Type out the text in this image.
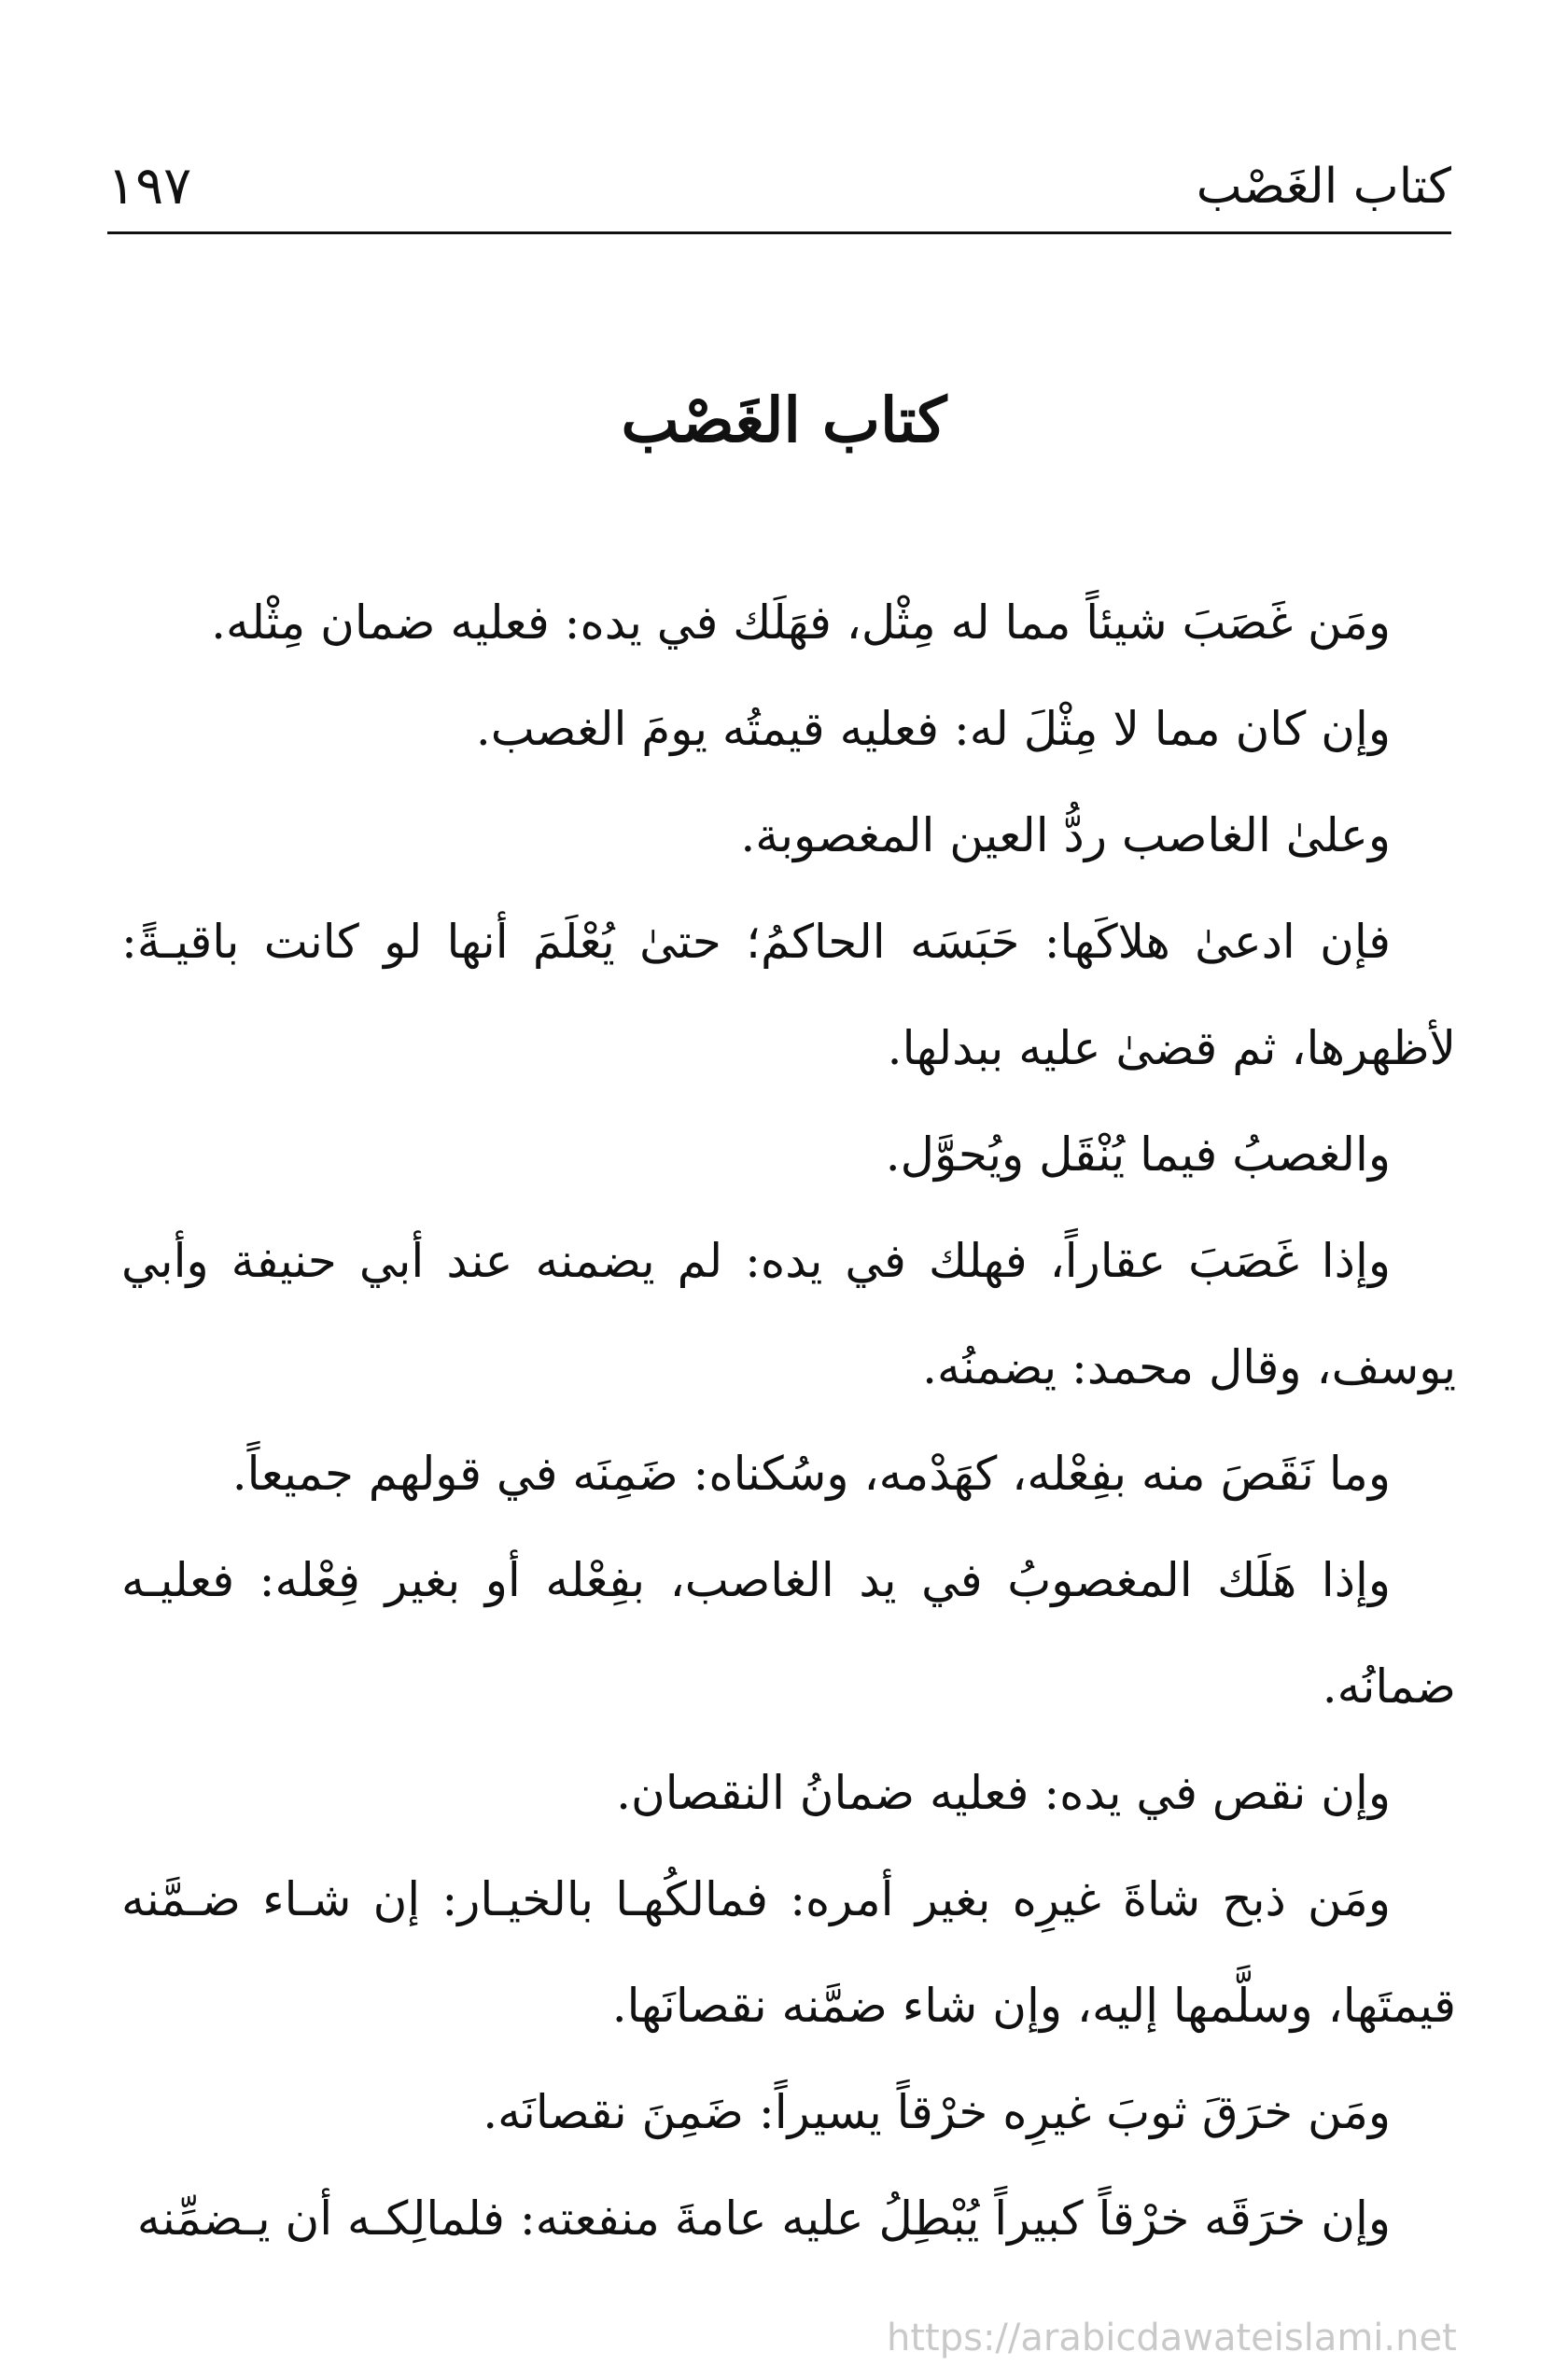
كتاب الغَصْب
١٩٧
كتاب الغَصْب

ومَن غَصَبَ شيئاً مما له مِثْل، فهَلَك في يده: فعليه ضمان مِثْله.

وإن كان مما لا مِثْلَ له: فعليه قيمتُه يومَ الغصب.

وعلىٰ الغاصب ردُّ العين المغصوبة.

فإن ادعىٰ هلاكَها: حَبَسَه الحاكمُ؛ حتىٰ يُعْلَمَ أنها لو كانت باقيـةً: لأظهرها، ثم قضىٰ عليه ببدلها.

والغصبُ فيما يُنْقَل ويُحوَّل.

وإذا غَصَبَ عقاراً، فهلك في يده: لم يضمنه عند أبي حنيفة وأبي يوسف، وقال محمد: يضمنُه.

وما نَقَصَ منه بفِعْله، كهَدْمه، وسُكناه: ضَمِنَه في قولهم جميعاً.

وإذا هَلَك المغصوبُ في يد الغاصب، بفِعْله أو بغير فِعْله: فعليـه ضمانُه.

وإن نقص في يده: فعليه ضمانُ النقصان.

ومَن ذبح شاةَ غيرِه بغير أمره: فمالكُهـا بالخيـار: إن شـاء ضـمَّنه قيمتَها، وسلَّمها إليه، وإن شاء ضمَّنه نقصانَها.

ومَن خرَقَ ثوبَ غيرِه خرْقاً يسيراً: ضَمِنَ نقصانَه.

وإن خرَقَه خرْقاً كبيراً يُبْطِلُ عليه عامةَ منفعته: فلمالِكـه أن يـضمِّنه

https://arabicdawateislami.net
